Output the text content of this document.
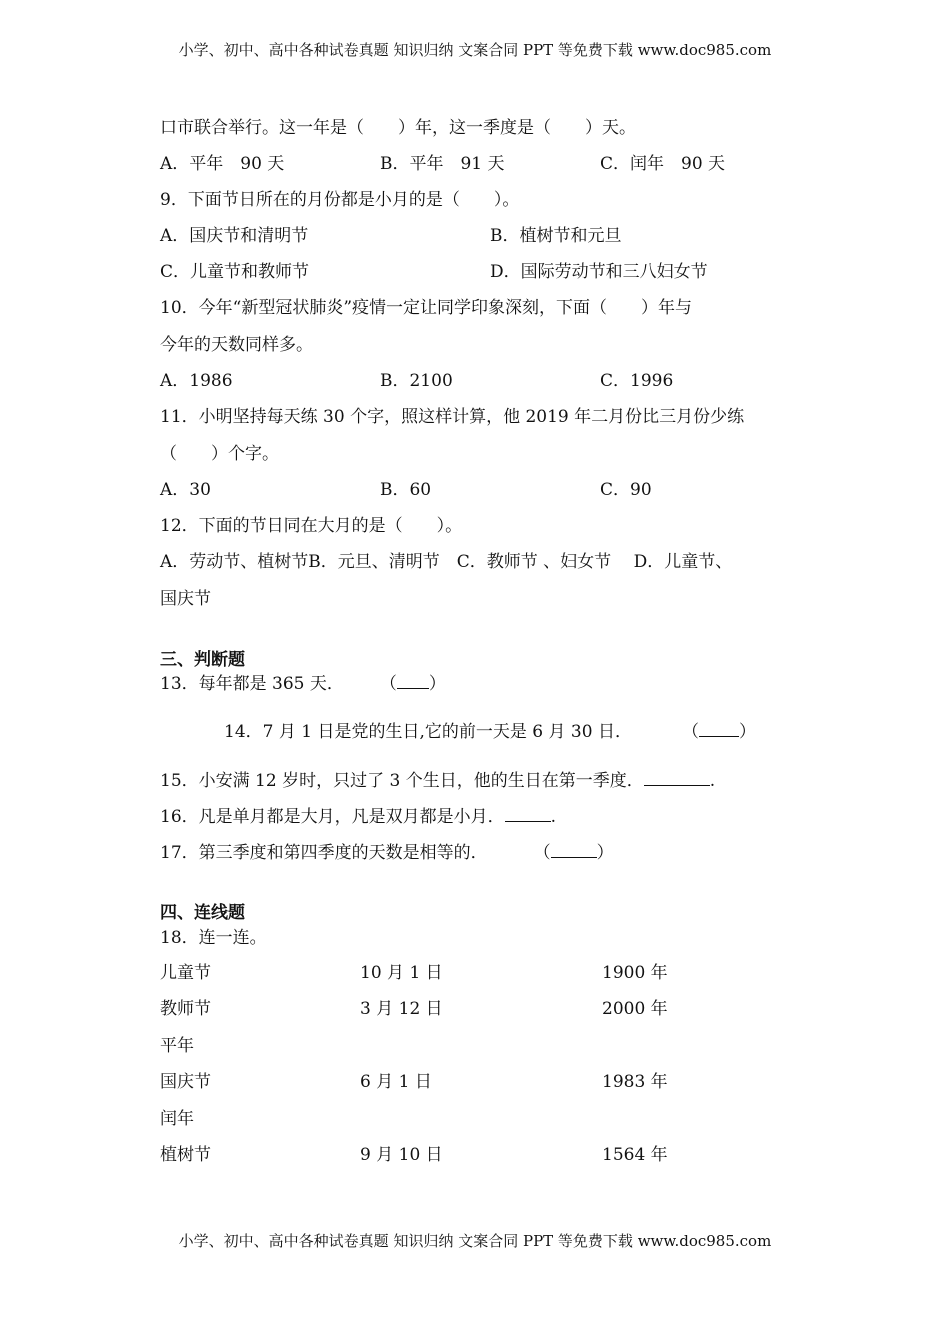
小学、初中、高中各种试卷真题 知识归纳 文案合同 PPT 等免费下载 www.doc985.com
口市联合举行。这一年是（　　）年，这一季度是（　　）天。
A．平年　90 天	B．平年　91 天	C．闰年　90 天
9．下面节日所在的月份都是小月的是（　　）。
A．国庆节和清明节	B．植树节和元旦
C．儿童节和教师节	D．国际劳动节和三八妇女节
10．今年“新型冠状肺炎”疫情一定让同学印象深刻，下面（　　）年与
今年的天数同样多。
A．1986	B．2100	C．1996
11．小明坚持每天练 30 个字，照这样计算，他 2019 年二月份比三月份少练
（　　）个字。
A．30	B．60	C．90
12．下面的节日同在大月的是（　　）。
A．劳动节、植树节B．元旦、清明节　C．教师节 、妇女节　 D．儿童节、
国庆节
三、判断题
13．每年都是 365 天． （ ）
14．7 月 1 日是党的生日,它的前一天是 6 月 30 日．	（ ）
15．小安满 12 岁时，只过了 3 个生日，他的生日在第一季度．	.
16．凡是单月都是大月，凡是双月都是小月．	.
17．第三季度和第四季度的天数是相等的．	（	）
四、连线题
18．连一连。
儿童节	10 月 1 日	1900 年
教师节	3 月 12 日	2000 年
平年
国庆节	6 月 1 日	1983 年
闰年
植树节	9 月 10 日	1564 年
小学、初中、高中各种试卷真题 知识归纳 文案合同 PPT 等免费下载 www.doc985.com
